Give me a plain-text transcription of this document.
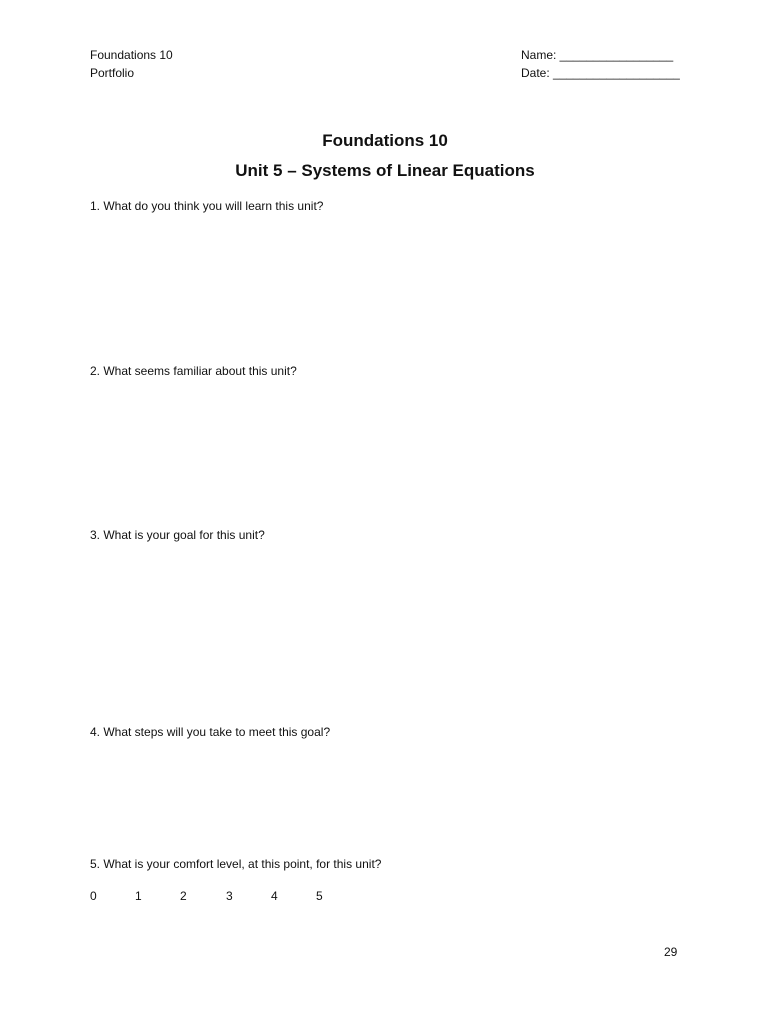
Foundations 10
Portfolio
Name: _________________
Date: ___________________
Foundations 10
Unit 5 – Systems of Linear Equations
1. What do you think you will learn this unit?
2. What seems familiar about this unit?
3. What is your goal for this unit?
4. What steps will you take to meet this goal?
5. What is your comfort level, at this point, for this unit?
0	1	2	3	4	5
29
